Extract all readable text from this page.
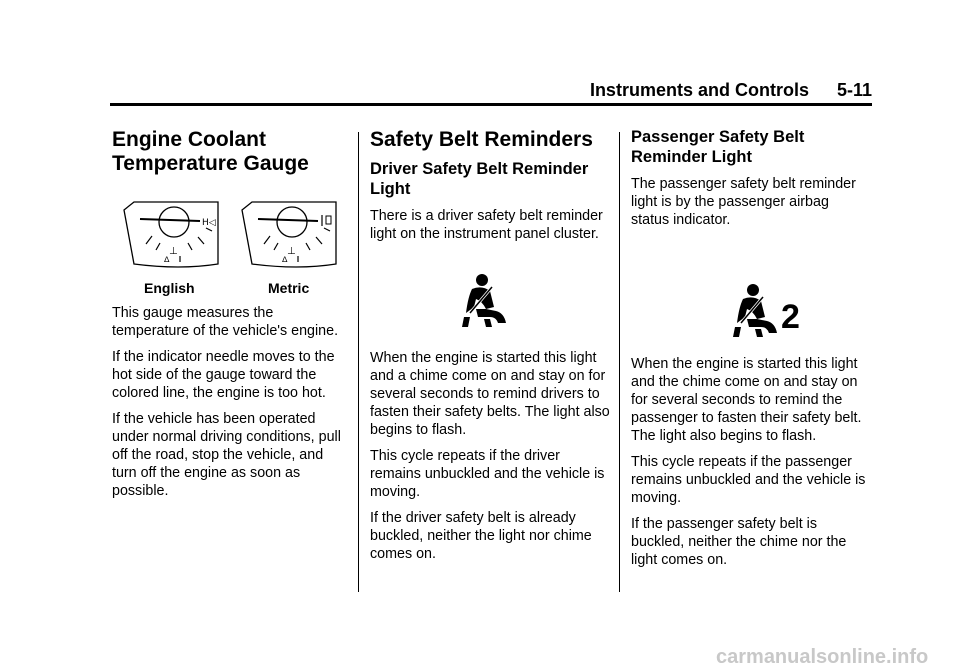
Instruments and Controls 5-11
Engine Coolant Temperature Gauge
H◁
⊥
ᐃ
⊥
ᐃ
English	Metric

This gauge measures the temperature of the vehicle's engine.

If the indicator needle moves to the hot side of the gauge toward the colored line, the engine is too hot.

If the vehicle has been operated under normal driving conditions, pull off the road, stop the vehicle, and turn off the engine as soon as possible.

Safety Belt Reminders
Driver Safety Belt Reminder Light

There is a driver safety belt reminder light on the instrument panel cluster.

When the engine is started this light and a chime come on and stay on for several seconds to remind drivers to fasten their safety belts. The light also begins to flash.

This cycle repeats if the driver remains unbuckled and the vehicle is moving.

If the driver safety belt is already buckled, neither the light nor chime comes on.

Passenger Safety Belt Reminder Light

The passenger safety belt reminder light is by the passenger airbag status indicator.

2

When the engine is started this light and the chime come on and stay on for several seconds to remind the passenger to fasten their safety belt. The light also begins to flash.

This cycle repeats if the passenger remains unbuckled and the vehicle is moving.

If the passenger safety belt is buckled, neither the chime nor the light comes on.

carmanualsonline.info
